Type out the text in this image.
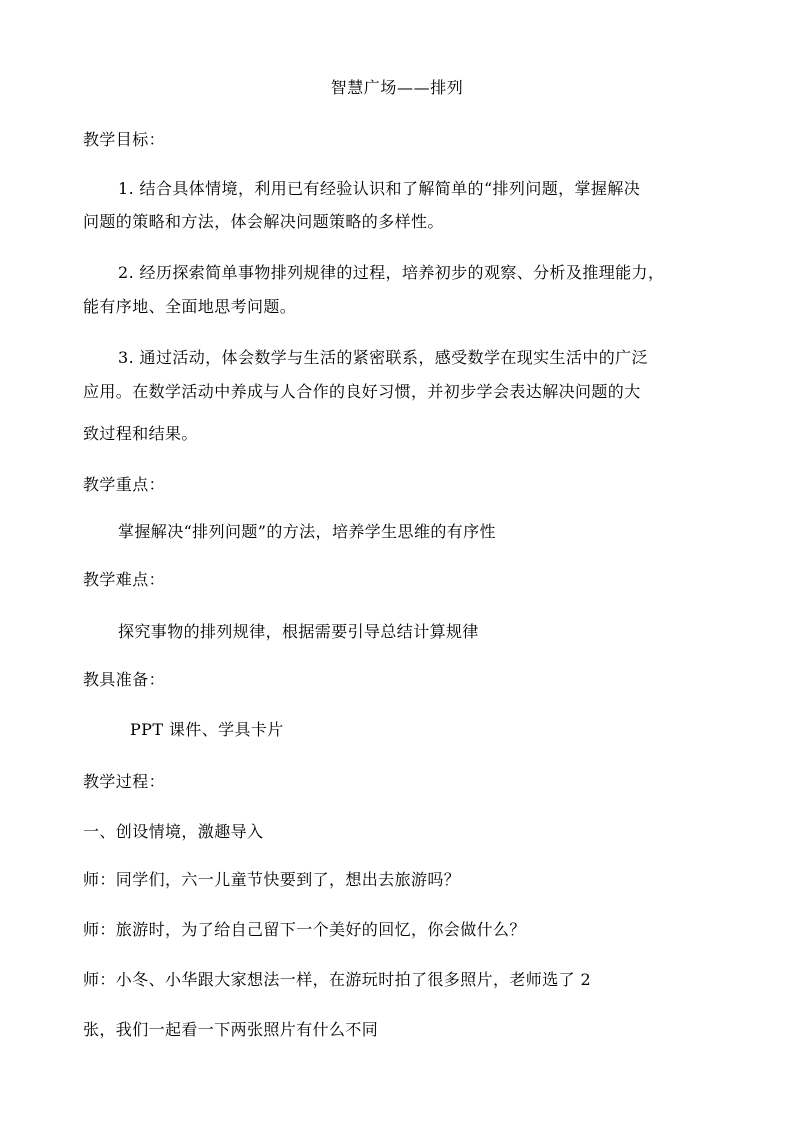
智慧广场——排列
教学目标：
1. 结合具体情境，利用已有经验认识和了解简单的“排列问题，掌握解决
问题的策略和方法，体会解决问题策略的多样性。
2. 经历探索简单事物排列规律的过程，培养初步的观察、分析及推理能力，
能有序地、全面地思考问题。
3. 通过活动，体会数学与生活的紧密联系，感受数学在现实生活中的广泛
应用。在数学活动中养成与人合作的良好习惯，并初步学会表达解决问题的大
致过程和结果。
教学重点：
掌握解决“排列问题”的方法，培养学生思维的有序性
教学难点：
探究事物的排列规律，根据需要引导总结计算规律
教具准备：
PPT 课件、学具卡片
教学过程：
一、创设情境，激趣导入
师：同学们，六一儿童节快要到了，想出去旅游吗？
师：旅游时，为了给自己留下一个美好的回忆，你会做什么？
师：小冬、小华跟大家想法一样，在游玩时拍了很多照片，老师选了 2
张，我们一起看一下两张照片有什么不同
